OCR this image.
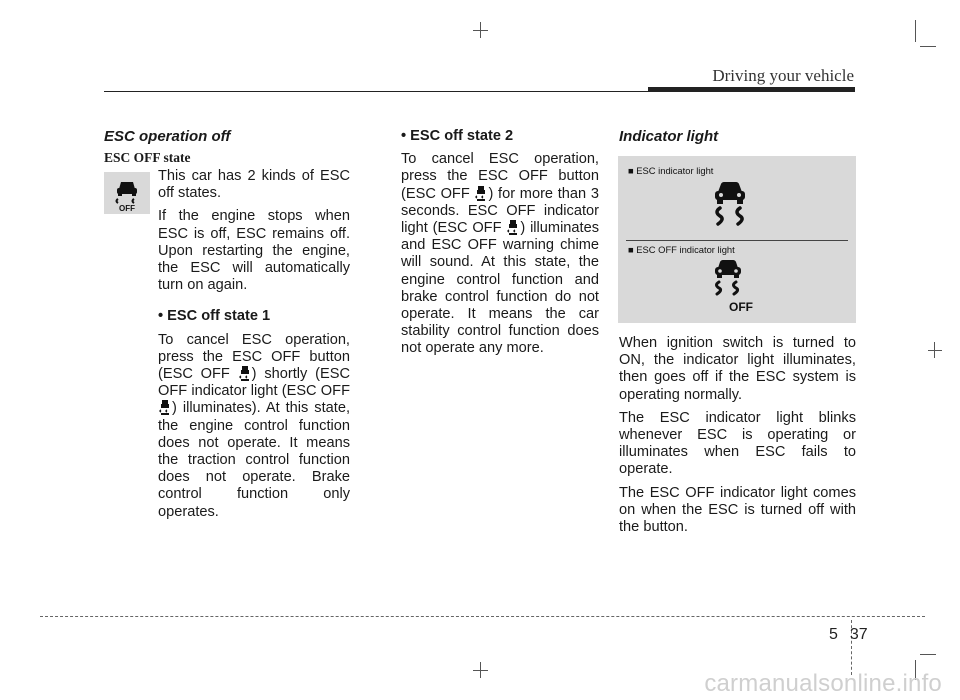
Driving your vehicle
ESC operation off
ESC OFF state
OFF

This car has 2 kinds of ESC off states.

If the engine stops when ESC is off, ESC remains off. Upon restarting the engine, the ESC will automatically turn on again.

• ESC off state 1

To cancel ESC operation, press the ESC OFF button (ESC OFF ) shortly (ESC OFF indicator light (ESC OFF ) illuminates). At this state, the engine control function does not operate. It means the traction control function does not operate. Brake control function only operates.

• ESC off state 2

To cancel ESC operation, press the ESC OFF button (ESC OFF ) for more than 3 seconds. ESC OFF indicator light (ESC OFF ) illuminates and ESC OFF warning chime will sound. At this state, the engine control function and brake control function do not operate. It means the car stability control function does not operate any more.

Indicator light
■ ESC indicator light
■ ESC OFF indicator light
OFF

When ignition switch is turned to ON, the indicator light illuminates, then goes off if the ESC system is operating normally.

The ESC indicator light blinks whenever ESC is operating or illuminates when ESC fails to operate.

The ESC OFF indicator light comes on when the ESC is turned off with the button.

5 37
carmanualsonline.info
